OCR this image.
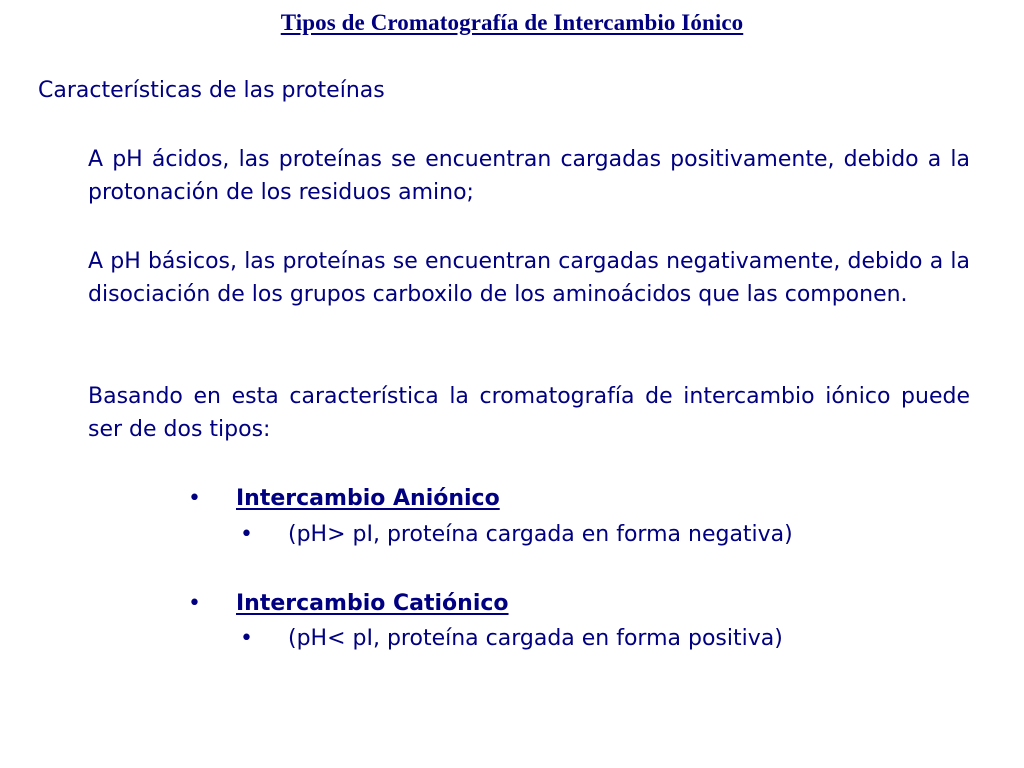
Tipos de Cromatografía de Intercambio Iónico
Características de las proteínas
A pH ácidos, las proteínas se encuentran cargadas positivamente, debido a la protonación de los residuos amino;
A pH básicos, las proteínas se encuentran cargadas negativamente, debido a la disociación de los grupos carboxilo de los aminoácidos que las componen.
Basando en esta característica la cromatografía de intercambio iónico puede ser de dos tipos:
• Intercambio Aniónico
• (pH> pI, proteína cargada en forma negativa)
• Intercambio Catiónico
• (pH< pI, proteína cargada en forma positiva)
